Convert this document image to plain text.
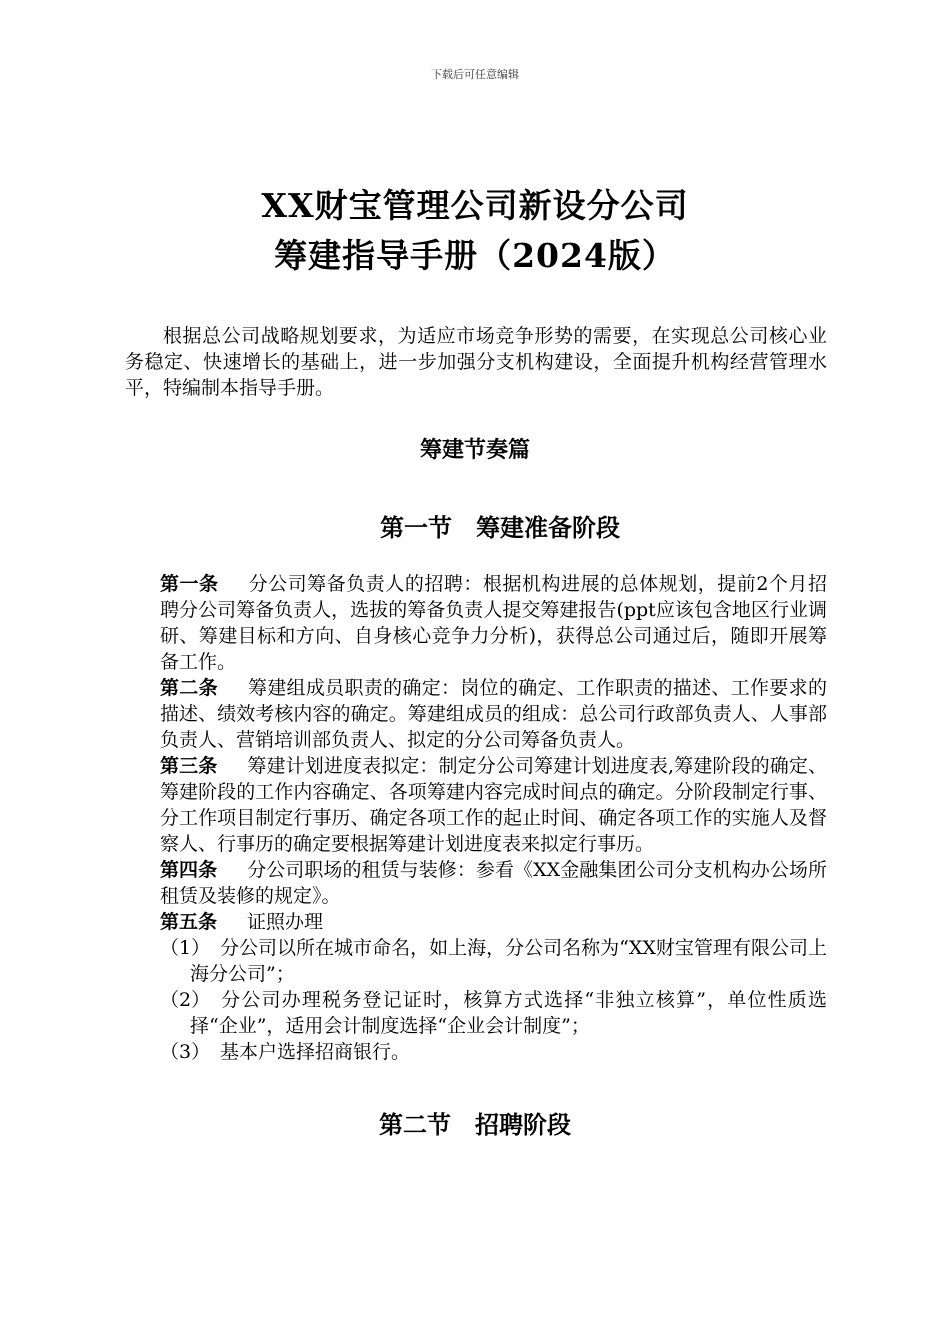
下载后可任意编辑
XX财宝管理公司新设分公司
筹建指导手册（2024版）

根据总公司战略规划要求，为适应市场竞争形势的需要，在实现总公司核心业务稳定、快速增长的基础上，进一步加强分支机构建设，全面提升机构经营管理水平，特编制本指导手册。

筹建节奏篇
第一节　筹建准备阶段

第一条 分公司筹备负责人的招聘：根据机构进展的总体规划，提前2个月招聘分公司筹备负责人，选拔的筹备负责人提交筹建报告(ppt应该包含地区行业调研、筹建目标和方向、自身核心竞争力分析)，获得总公司通过后，随即开展筹备工作。

第二条 筹建组成员职责的确定：岗位的确定、工作职责的描述、工作要求的描述、绩效考核内容的确定。筹建组成员的组成：总公司行政部负责人、人事部负责人、营销培训部负责人、拟定的分公司筹备负责人。

第三条 筹建计划进度表拟定：制定分公司筹建计划进度表,筹建阶段的确定、筹建阶段的工作内容确定、各项筹建内容完成时间点的确定。分阶段制定行事、分工作项目制定行事历、确定各项工作的起止时间、确定各项工作的实施人及督察人、行事历的确定要根据筹建计划进度表来拟定行事历。

第四条 分公司职场的租赁与装修：参看《XX金融集团公司分支机构办公场所租赁及装修的规定》。

第五条 证照办理

（1） 分公司以所在城市命名，如上海，分公司名称为“XX财宝管理有限公司上海分公司”；

（2） 分公司办理税务登记证时，核算方式选择“非独立核算”，单位性质选择“企业”，适用会计制度选择“企业会计制度”；

（3） 基本户选择招商银行。

第二节　招聘阶段
